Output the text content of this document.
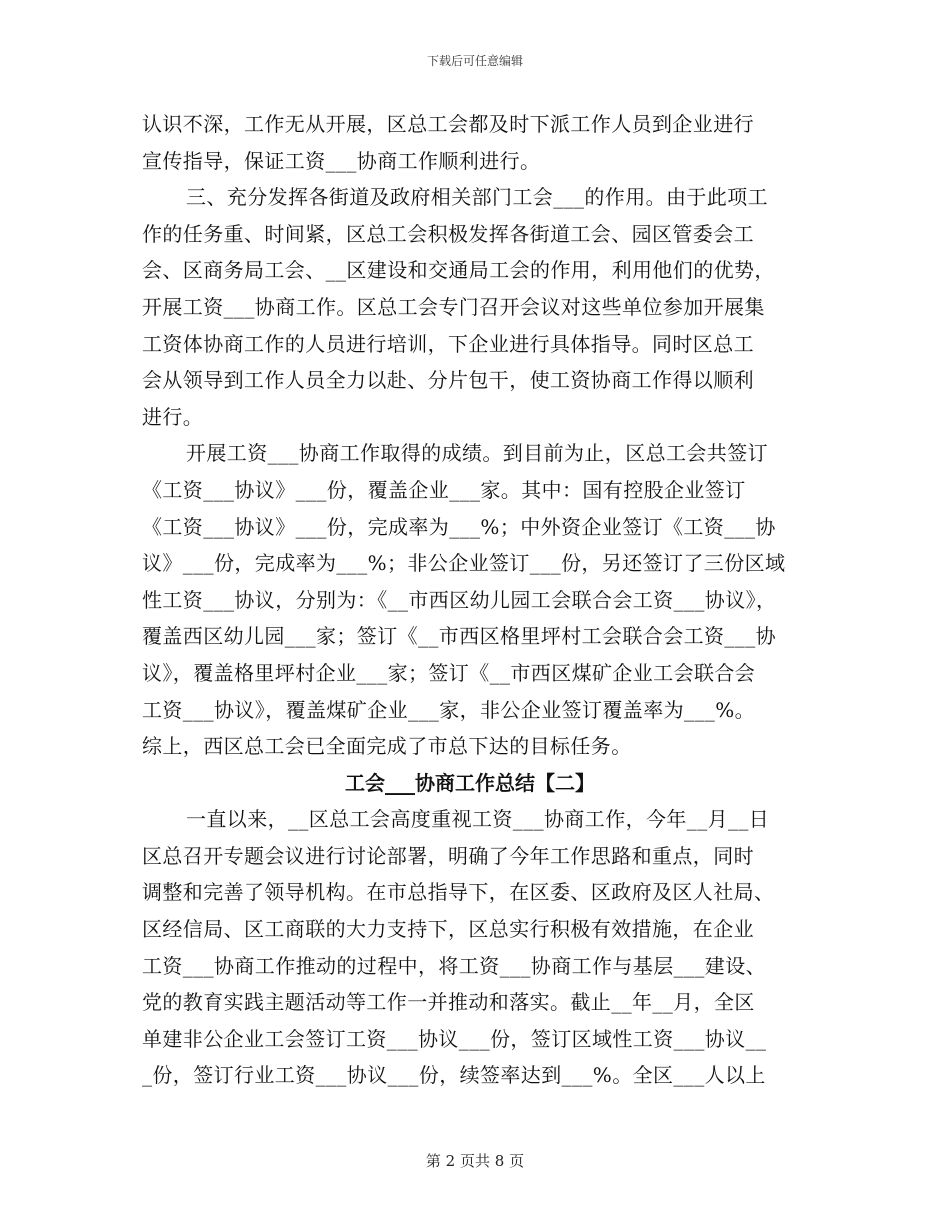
下载后可任意编辑
认识不深，工作无从开展，区总工会都及时下派工作人员到企业进行
宣传指导，保证工资___协商工作顺利进行。
三、充分发挥各街道及政府相关部门工会___的作用。由于此项工
作的任务重、时间紧，区总工会积极发挥各街道工会、园区管委会工
会、区商务局工会、__区建设和交通局工会的作用，利用他们的优势，
开展工资___协商工作。区总工会专门召开会议对这些单位参加开展集
工资体协商工作的人员进行培训，下企业进行具体指导。同时区总工
会从领导到工作人员全力以赴、分片包干，使工资协商工作得以顺利
进行。
开展工资___协商工作取得的成绩。到目前为止，区总工会共签订
《工资___协议》___份，覆盖企业___家。其中：国有控股企业签订
《工资___协议》___份，完成率为___%；中外资企业签订《工资___协
议》___份，完成率为___%；非公企业签订___份，另还签订了三份区域
性工资___协议，分别为：《__市西区幼儿园工会联合会工资___协议》，
覆盖西区幼儿园___家；签订《__市西区格里坪村工会联合会工资___协
议》，覆盖格里坪村企业___家；签订《__市西区煤矿企业工会联合会
工资___协议》，覆盖煤矿企业___家，非公企业签订覆盖率为___%。
综上，西区总工会已全面完成了市总下达的目标任务。
工会___协商工作总结【二】
一直以来，__区总工会高度重视工资___协商工作，今年__月__日
区总召开专题会议进行讨论部署，明确了今年工作思路和重点，同时
调整和完善了领导机构。在市总指导下，在区委、区政府及区人社局、
区经信局、区工商联的大力支持下，区总实行积极有效措施，在企业
工资___协商工作推动的过程中，将工资___协商工作与基层___建设、
党的教育实践主题活动等工作一并推动和落实。截止__年__月，全区
单建非公企业工会签订工资___协议___份，签订区域性工资___协议__
_份，签订行业工资___协议___份，续签率达到___%。全区___人以上
第 2 页共 8 页
